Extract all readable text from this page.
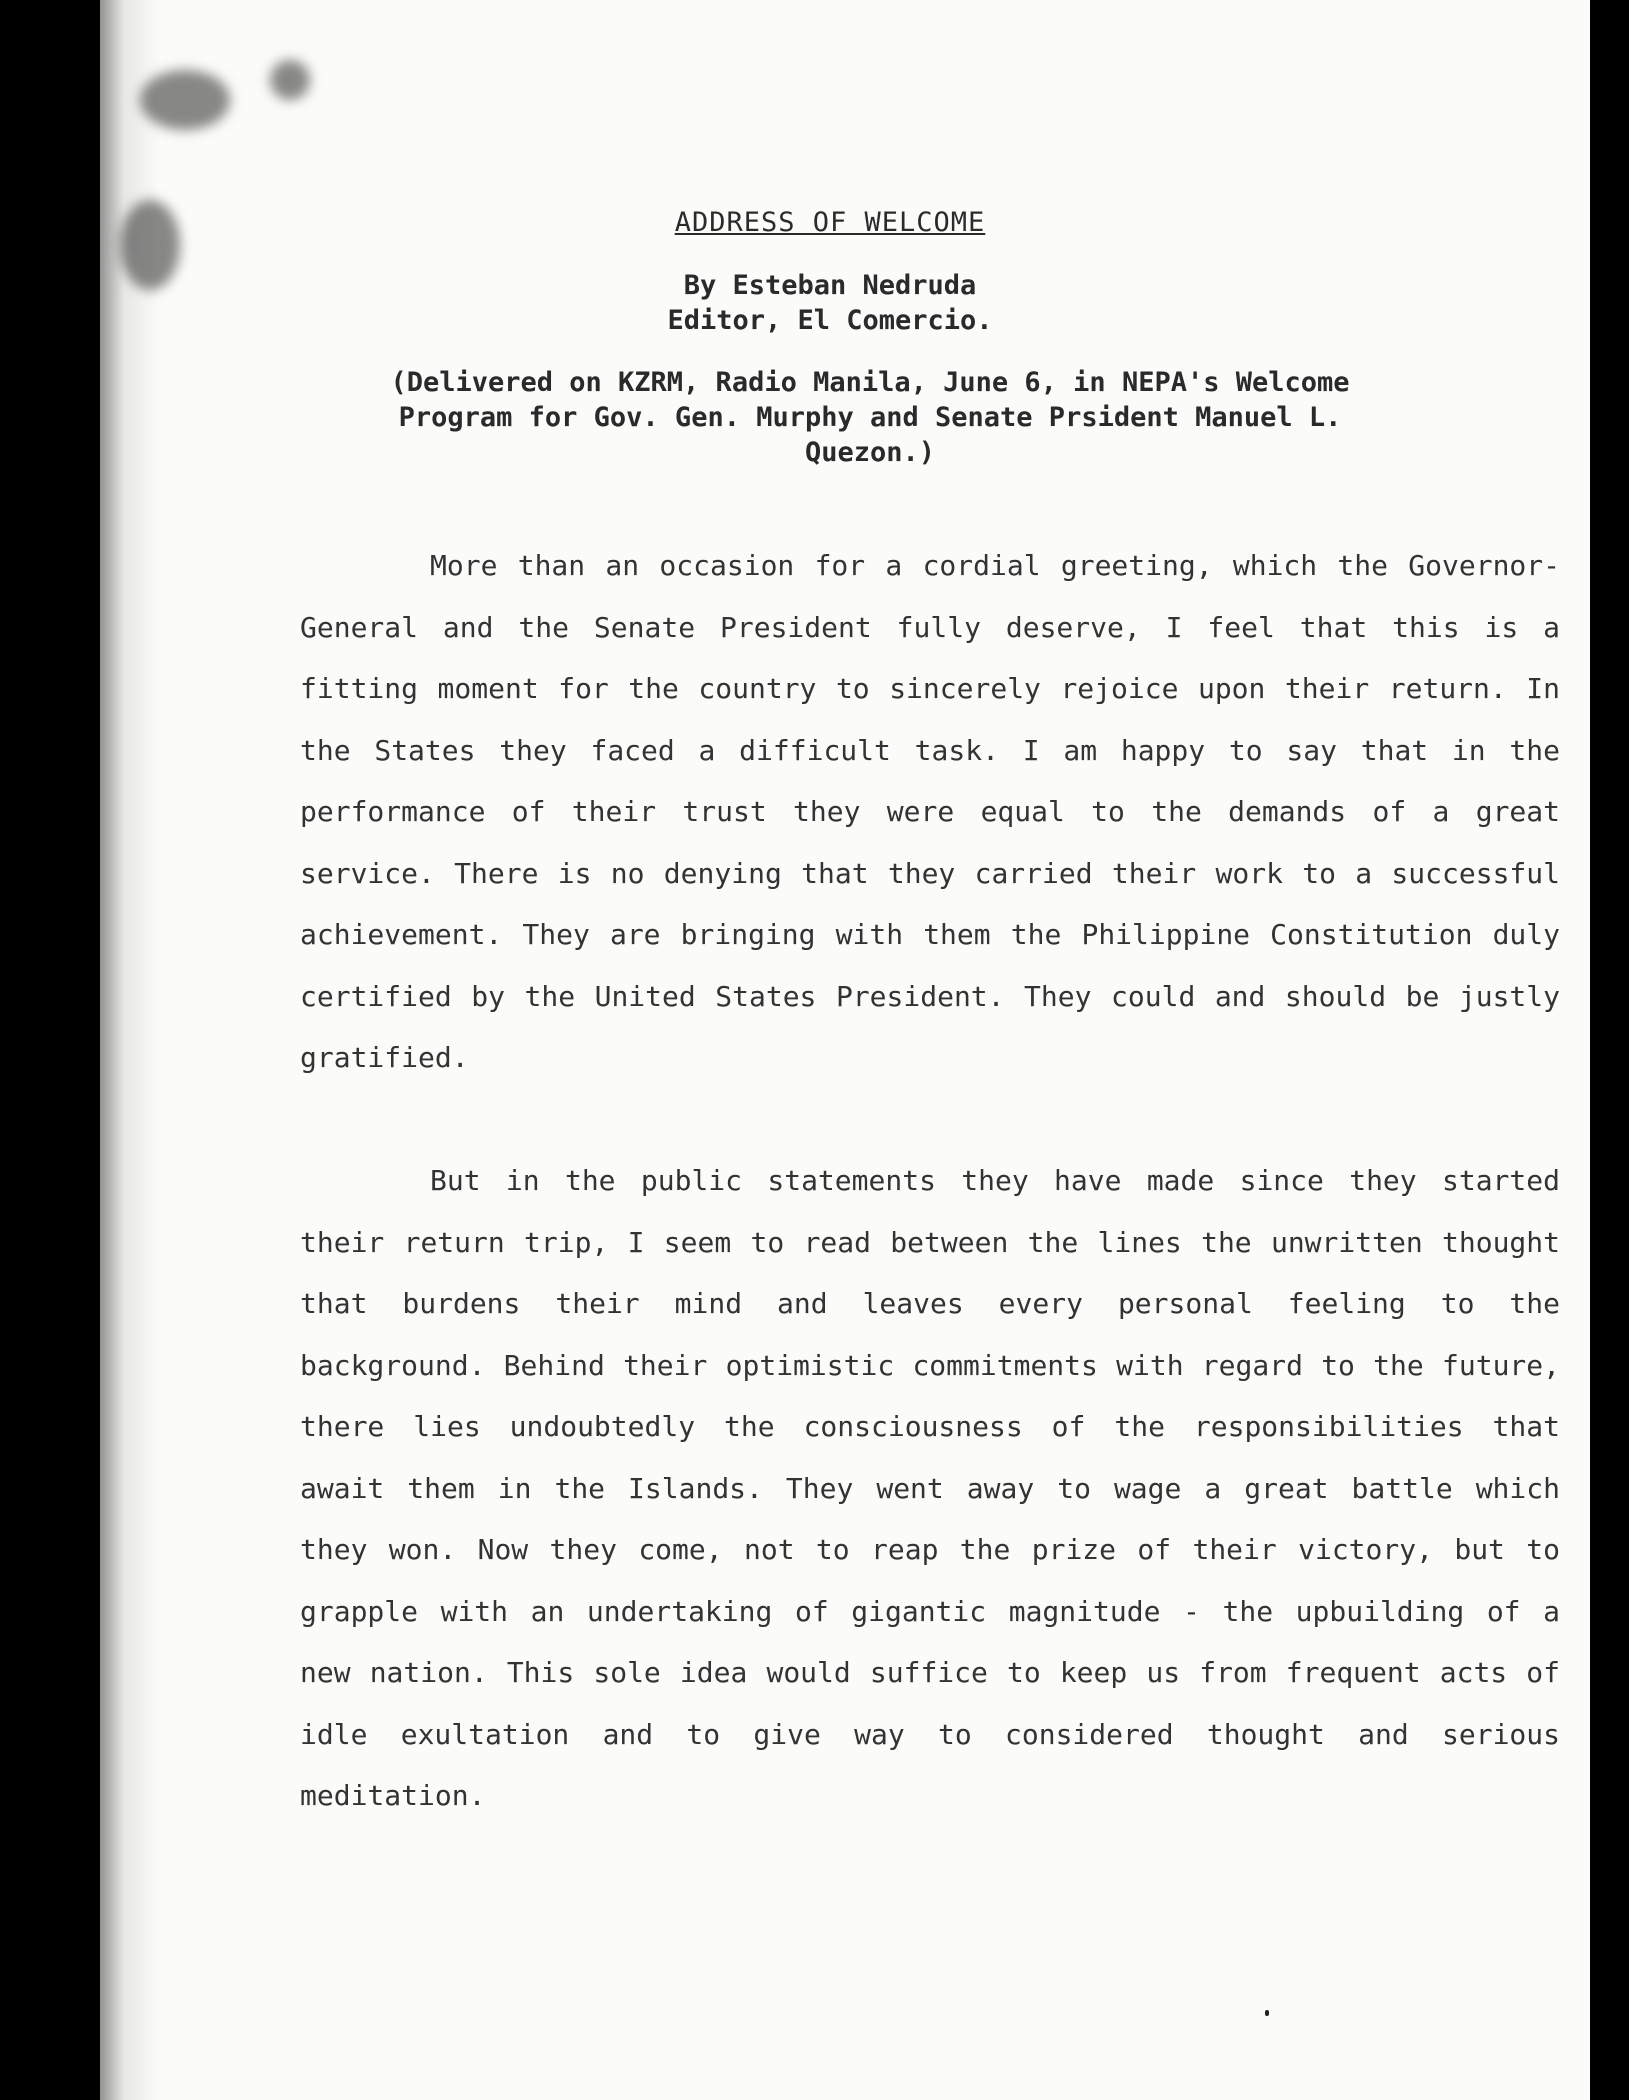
ADDRESS OF WELCOME
By Esteban Nedruda
Editor, El Comercio.
(Delivered on KZRM, Radio Manila, June 6, in NEPA's Welcome Program for Gov. Gen. Murphy and Senate Prsident Manuel L. Quezon.)

More than an occasion for a cordial greeting, which the Governor-General and the Senate President fully deserve, I feel that this is a fitting moment for the country to sincerely rejoice upon their return. In the States they faced a difficult task. I am happy to say that in the performance of their trust they were equal to the demands of a great service. There is no denying that they carried their work to a successful achievement. They are bringing with them the Philippine Constitution duly certified by the United States President. They could and should be justly gratified.

But in the public statements they have made since they started their return trip, I seem to read between the lines the unwritten thought that burdens their mind and leaves every personal feeling to the background. Behind their optimistic commitments with regard to the future, there lies undoubtedly the consciousness of the responsibilities that await them in the Islands. They went away to wage a great battle which they won. Now they come, not to reap the prize of their victory, but to grapple with an undertaking of gigantic magnitude - the upbuilding of a new nation. This sole idea would suffice to keep us from frequent acts of idle exultation and to give way to considered thought and serious meditation.
